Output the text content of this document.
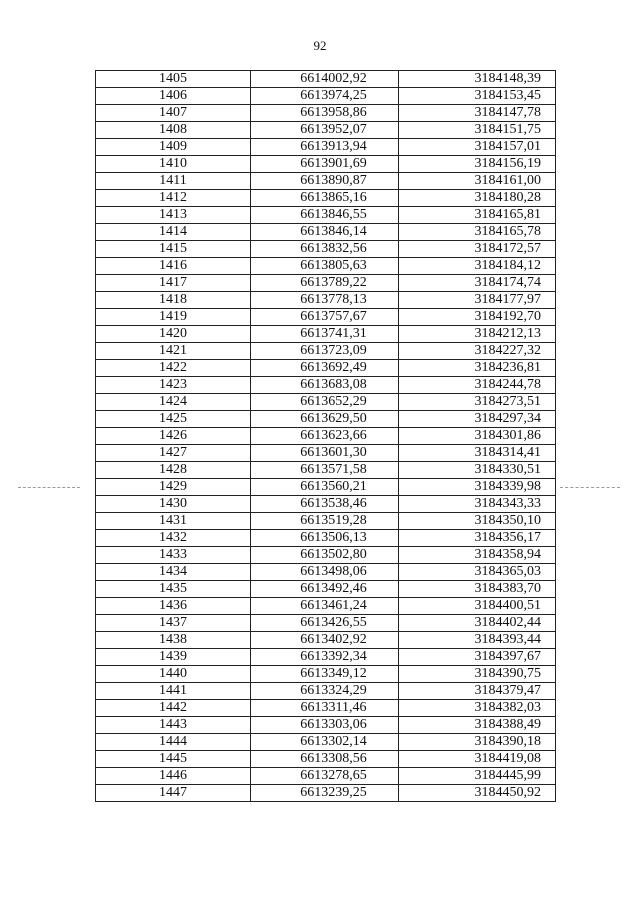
92
1405	6614002,92	3184148,39
1406	6613974,25	3184153,45
1407	6613958,86	3184147,78
1408	6613952,07	3184151,75
1409	6613913,94	3184157,01
1410	6613901,69	3184156,19
1411	6613890,87	3184161,00
1412	6613865,16	3184180,28
1413	6613846,55	3184165,81
1414	6613846,14	3184165,78
1415	6613832,56	3184172,57
1416	6613805,63	3184184,12
1417	6613789,22	3184174,74
1418	6613778,13	3184177,97
1419	6613757,67	3184192,70
1420	6613741,31	3184212,13
1421	6613723,09	3184227,32
1422	6613692,49	3184236,81
1423	6613683,08	3184244,78
1424	6613652,29	3184273,51
1425	6613629,50	3184297,34
1426	6613623,66	3184301,86
1427	6613601,30	3184314,41
1428	6613571,58	3184330,51
1429	6613560,21	3184339,98
1430	6613538,46	3184343,33
1431	6613519,28	3184350,10
1432	6613506,13	3184356,17
1433	6613502,80	3184358,94
1434	6613498,06	3184365,03
1435	6613492,46	3184383,70
1436	6613461,24	3184400,51
1437	6613426,55	3184402,44
1438	6613402,92	3184393,44
1439	6613392,34	3184397,67
1440	6613349,12	3184390,75
1441	6613324,29	3184379,47
1442	6613311,46	3184382,03
1443	6613303,06	3184388,49
1444	6613302,14	3184390,18
1445	6613308,56	3184419,08
1446	6613278,65	3184445,99
1447	6613239,25	3184450,92
